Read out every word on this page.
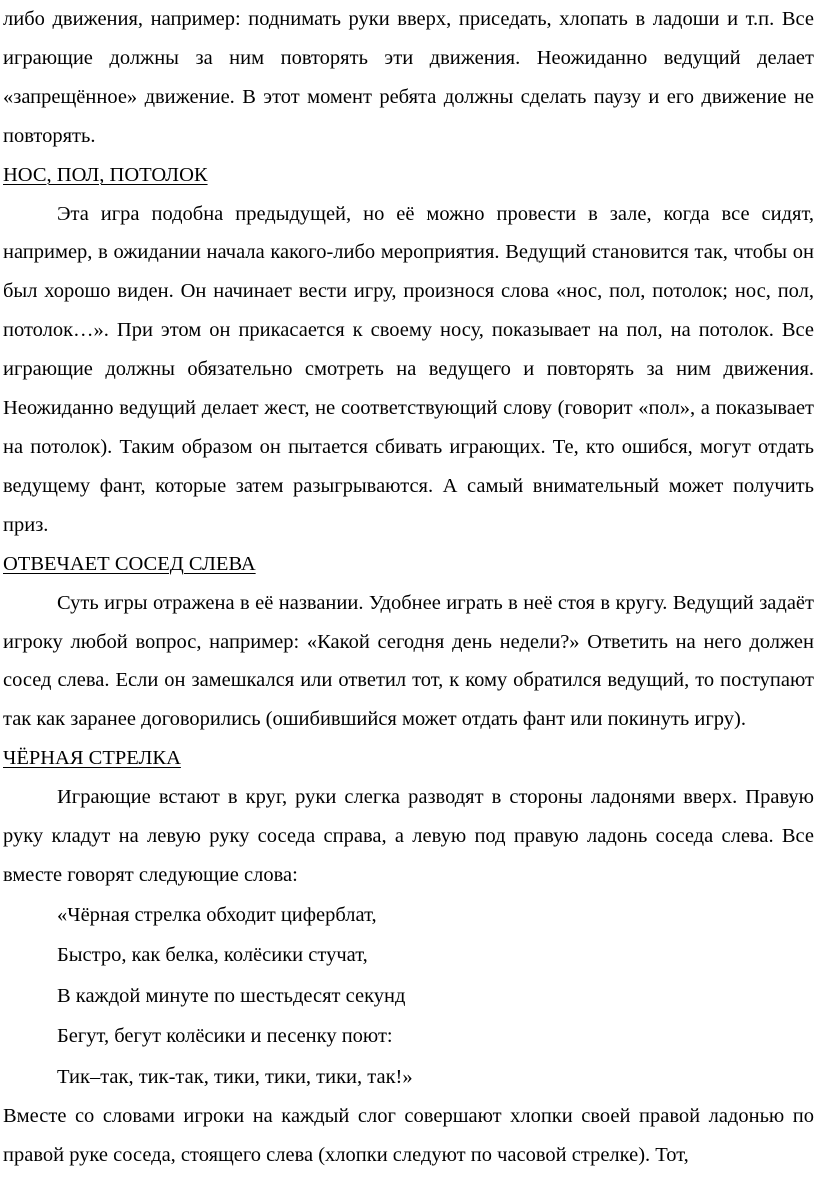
либо движения, например: поднимать руки вверх, приседать, хлопать в ладоши и т.п. Все играющие должны за ним повторять эти движения. Неожиданно ведущий делает «запрещённое» движение. В этот момент ребята должны сделать паузу и его движение не повторять.

НОС, ПОЛ, ПОТОЛОК

Эта игра подобна предыдущей, но её можно провести в зале, когда все сидят, например, в ожидании начала какого-либо мероприятия. Ведущий становится так, чтобы он был хорошо виден. Он начинает вести игру, произнося слова «нос, пол, потолок; нос, пол, потолок…». При этом он прикасается к своему носу, показывает на пол, на потолок. Все играющие должны обязательно смотреть на ведущего и повторять за ним движения. Неожиданно ведущий делает жест, не соответствующий слову (говорит «пол», а показывает на потолок). Таким образом он пытается сбивать играющих. Те, кто ошибся, могут отдать ведущему фант, которые затем разыгрываются. А самый внимательный может получить приз.

ОТВЕЧАЕТ СОСЕД СЛЕВА

Суть игры отражена в её названии. Удобнее играть в неё стоя в кругу. Ведущий задаёт игроку любой вопрос, например: «Какой сегодня день недели?» Ответить на него должен сосед слева. Если он замешкался или ответил тот, к кому обратился ведущий, то поступают так как заранее договорились (ошибившийся может отдать фант или покинуть игру).

ЧЁРНАЯ СТРЕЛКА

Играющие встают в круг, руки слегка разводят в стороны ладонями вверх. Правую руку кладут на левую руку соседа справа, а левую под правую ладонь соседа слева. Все вместе говорят следующие слова:

«Чёрная стрелка обходит циферблат,

Быстро, как белка, колёсики стучат,

В каждой минуте по шестьдесят секунд

Бегут, бегут колёсики и песенку поют:

Тик–так, тик-так, тики, тики, тики, так!»

Вместе со словами игроки на каждый слог совершают хлопки своей правой ладонью по правой руке соседа, стоящего слева (хлопки следуют по часовой стрелке). Тот,
